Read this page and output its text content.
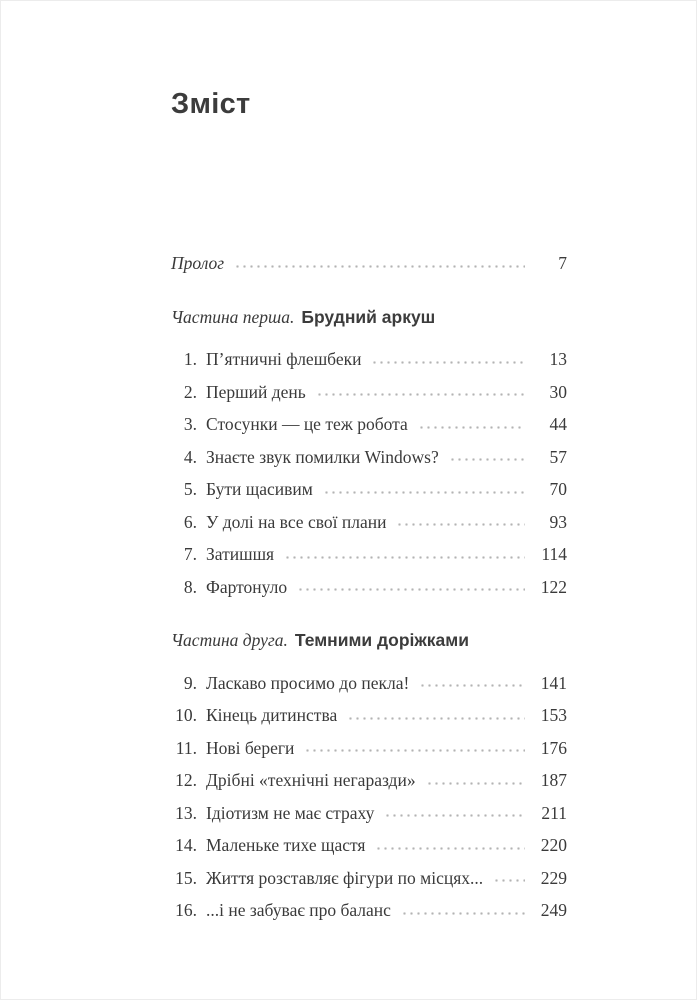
Зміст
Пролог	7
Частина перша. Брудний аркуш
1. П’ятничні флешбеки	13
2. Перший день	30
3. Стосунки — це теж робота	44
4. Знаєте звук помилки Windows?	57
5. Бути щасивим	70
6. У долі на все свої плани	93
7. Затишшя	114
8. Фартонуло	122
Частина друга. Темними доріжками
9. Ласкаво просимо до пекла!	141
10. Кінець дитинства	153
11. Нові береги	176
12. Дрібні «технічні негаразди»	187
13. Ідіотизм не має страху	211
14. Маленьке тихе щастя	220
15. Життя розставляє фігури по місцях...	229
16. ...і не забуває про баланс	249
